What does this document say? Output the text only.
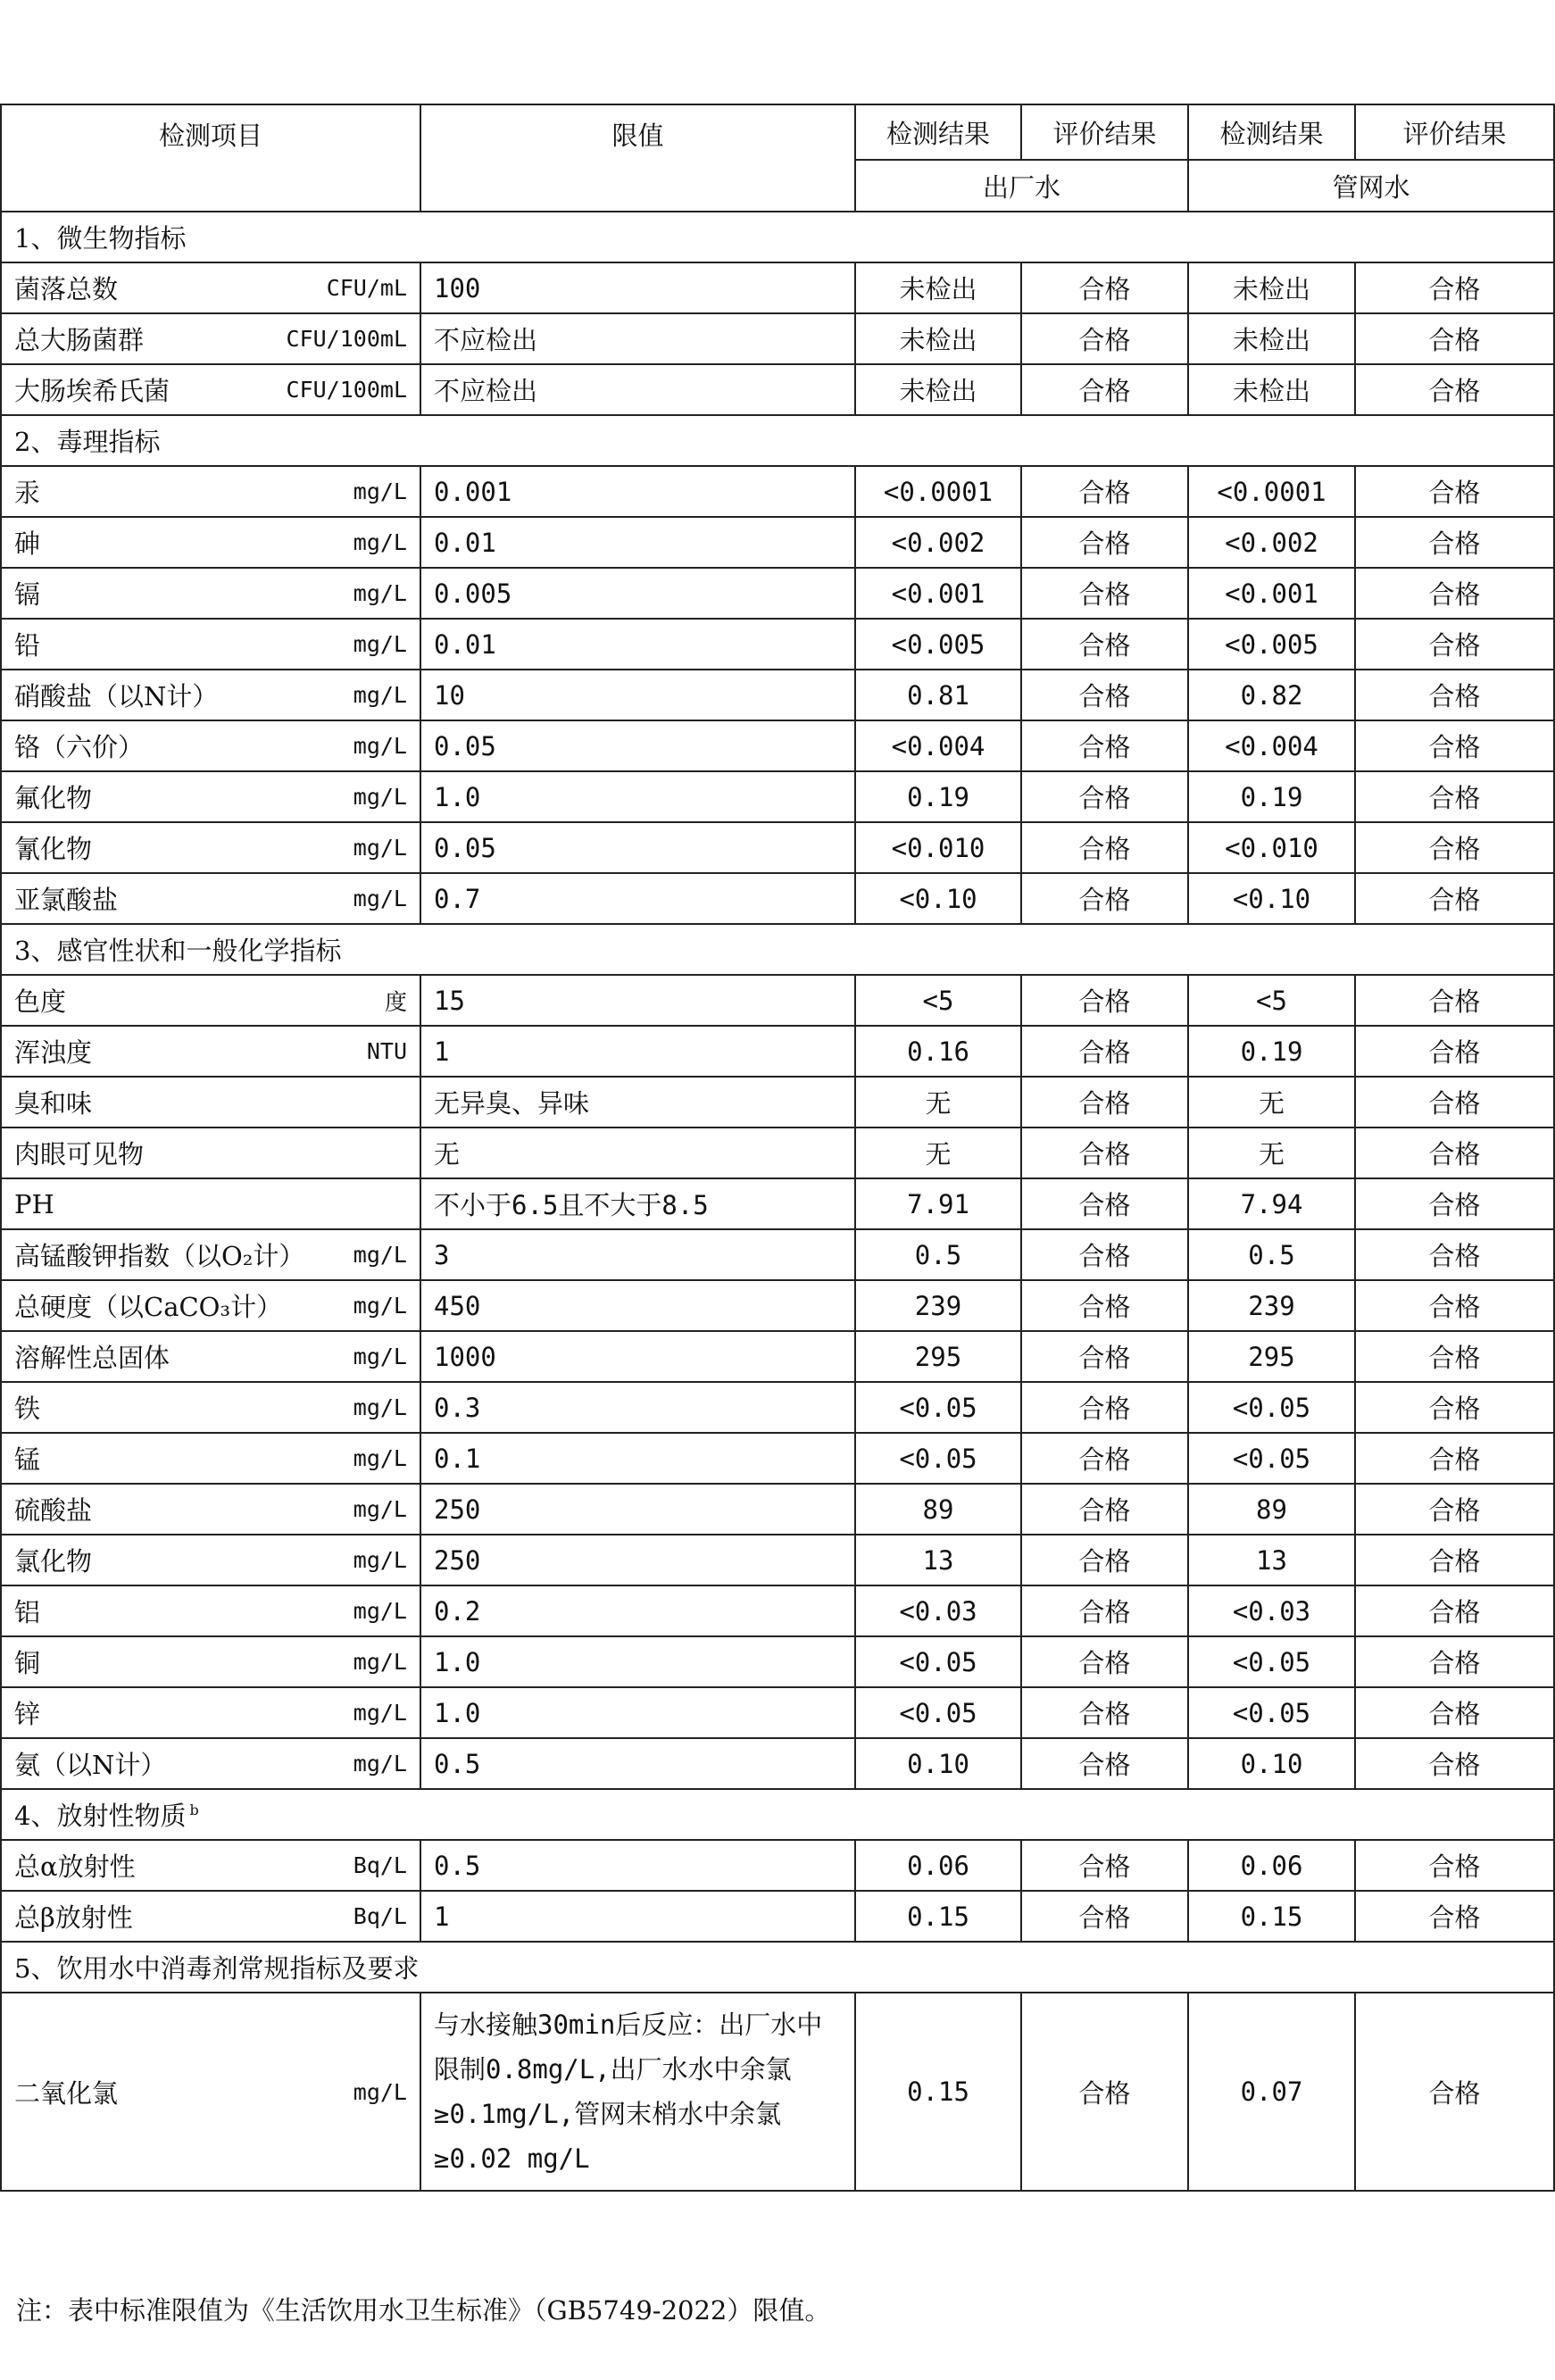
检测项目	限值	检测结果	评价结果	检测结果	评价结果
		出厂水		管网水	
1、微生物指标					

菌落总数 CFU/mL	100	未检出	合格	未检出	合格

总大肠菌群 CFU/100mL	不应检出	未检出	合格	未检出	合格

大肠埃希氏菌 CFU/100mL	不应检出	未检出	合格	未检出	合格
2、毒理指标					

汞 mg/L	0.001	<0.0001	合格	<0.0001	合格

砷 mg/L	0.01	<0.002	合格	<0.002	合格

镉 mg/L	0.005	<0.001	合格	<0.001	合格

铅 mg/L	0.01	<0.005	合格	<0.005	合格

硝酸盐（以N计） mg/L	10	0.81	合格	0.82	合格

铬（六价） mg/L	0.05	<0.004	合格	<0.004	合格

氟化物 mg/L	1.0	0.19	合格	0.19	合格

氰化物 mg/L	0.05	<0.010	合格	<0.010	合格

亚氯酸盐 mg/L	0.7	<0.10	合格	<0.10	合格
3、感官性状和一般化学指标					

色度 度	15	<5	合格	<5	合格

浑浊度 NTU	1	0.16	合格	0.19	合格

臭和味	无异臭、异味	无	合格	无	合格

肉眼可见物	无	无	合格	无	合格

PH	不小于6.5且不大于8.5	7.91	合格	7.94	合格

高锰酸钾指数（以O₂计） mg/L	3	0.5	合格	0.5	合格

总硬度（以CaCO₃计） mg/L	450	239	合格	239	合格

溶解性总固体 mg/L	1000	295	合格	295	合格

铁 mg/L	0.3	<0.05	合格	<0.05	合格

锰 mg/L	0.1	<0.05	合格	<0.05	合格

硫酸盐 mg/L	250	89	合格	89	合格

氯化物 mg/L	250	13	合格	13	合格

铝 mg/L	0.2	<0.03	合格	<0.03	合格

铜 mg/L	1.0	<0.05	合格	<0.05	合格

锌 mg/L	1.0	<0.05	合格	<0.05	合格

氨（以N计） mg/L	0.5	0.10	合格	0.10	合格
4、放射性物质 $^b$

总α放射性 Bq/L	0.5	0.06	合格	0.06	合格

总β放射性 Bq/L	1	0.15	合格	0.15	合格
5、饮用水中消毒剂常规指标及要求					

二氧化氯 mg/L	与水接触30min后反应：出厂水中限制0.8mg/L,出厂水水中余氯≥0.1mg/L,管网末梢水中余氯≥0.02 mg/L	0.15	合格	0.07	合格
注：表中标准限值为《生活饮用水卫生标准》（GB5749-2022）限值。
